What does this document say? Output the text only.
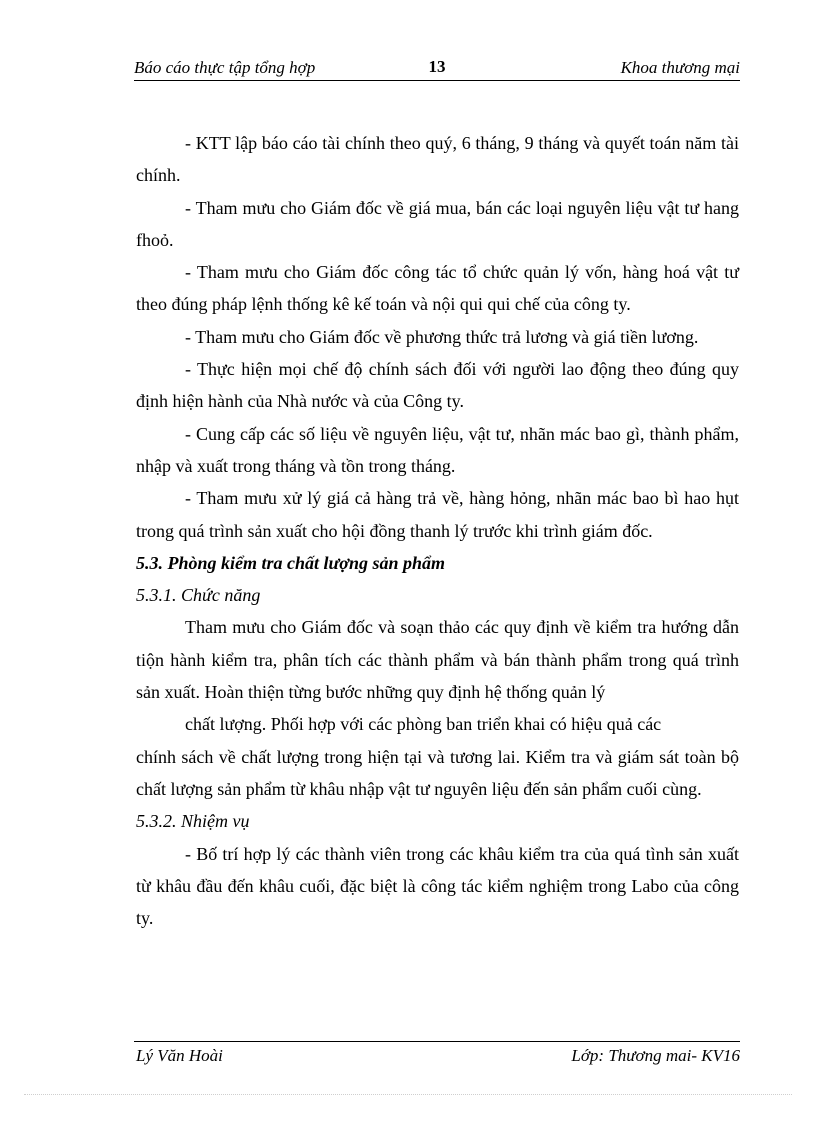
Báo cáo thực tập tổng hợp	13	Khoa thương mại

- KTT lập báo cáo tài chính theo quý, 6 tháng, 9 tháng và quyết toán năm tài chính.

- Tham mưu cho Giám đốc về giá mua, bán các loại nguyên liệu vật tư hang fhoỏ.

- Tham mưu cho Giám đốc công tác tổ chức quản lý vốn, hàng hoá vật tư theo đúng pháp lệnh thống kê kế toán và nội qui qui chế của công ty.

- Tham mưu cho Giám đốc về phương thức trả lương và giá tiền lương.

- Thực hiện mọi chế độ chính sách đối với người lao động theo đúng quy định hiện hành của Nhà nước và của Công ty.

- Cung cấp các số liệu về nguyên liệu, vật tư, nhãn mác bao gì, thành phẩm, nhập và xuất trong tháng và tồn trong tháng.

- Tham mưu xử lý giá cả hàng trả về, hàng hỏng, nhãn mác bao bì hao hụt trong quá trình sản xuất cho hội đồng thanh lý trước khi trình giám đốc.

5.3. Phòng kiểm tra chất lượng sản phẩm

5.3.1. Chức năng

Tham mưu cho Giám đốc và soạn thảo các quy định về kiểm tra hướng dẫn tiộn hành kiểm tra, phân tích các thành phẩm và bán thành phẩm trong quá trình sản xuất. Hoàn thiện từng bước những quy định hệ thống quản lý

chất lượng. Phối hợp với các phòng ban triển khai có hiệu quả các

chính sách về chất lượng trong hiện tại và tương lai. Kiểm tra và giám sát toàn bộ chất lượng sản phẩm từ khâu nhập vật tư nguyên liệu đến sản phẩm cuối cùng.

5.3.2. Nhiệm vụ

- Bố trí hợp lý các thành viên trong các khâu kiểm tra của quá tình sản xuất từ khâu đầu đến khâu cuối, đặc biệt là công tác kiểm nghiệm trong Labo của công ty.

Lý Văn Hoài	Lớp: Thương mai- KV16
